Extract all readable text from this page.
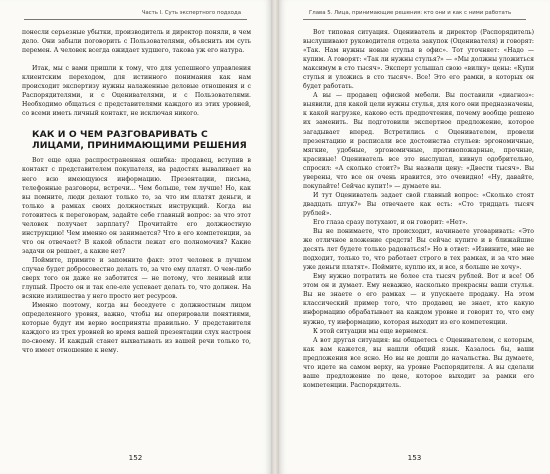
Часть I. Суть экспертного подхода

понесли серьезные убытки, производитель и директор поняли, в чем дело. Они забыли поговорить с Пользователями, объяснить им суть перемен. А человек всегда ожидает худшего, такова уж его натура.

Итак, мы с вами пришли к тому, что для успешного управления клиентским переходом, для истинного понимания как нам происходит экспертизу нужны налаженные деловые отношения и с Распорядителями, и с Оценивателями, и с Пользователями. Необходимо общаться с представителями каждого из этих уровней, со всеми иметь личный контакт, не исключая никого.

КАК И О ЧЕМ РАЗГОВАРИВАТЬ С ЛИЦАМИ, ПРИНИМАЮЩИМИ РЕШЕНИЯ

Вот еще одна распространенная ошибка: продавец, вступив в контакт с представителем покупателя, на радостях вываливает на него всю имеющуюся информацию. Презентации, письма, телефонные разговоры, встречи... Чем больше, тем лучше! Но, как вы помните, люди делают только то, за что им платят деньги, и только в рамках своих должностных инструкций. Когда вы готовитесь к переговорам, задайте себе главный вопрос: за что этот человек получает зарплату? Прочитайте его должностную инструкцию! Чем именно он занимается? Что в его компетенции, за что он отвечает? В какой области лежат его полномочия? Какие задачи он решает, а какие нет?

Поймите, примите и запомните факт: этот человек в лучшем случае будет добросовестно делать то, за что ему платят. О чем-либо сверх того он даже не заботится — не потому, что ленивый или глупый. Просто он и так еле-еле успевает делать то, что должен. На всякие излишества у него просто нет ресурсов.

Именно поэтому, когда вы беседуете с должностным лицом определенного уровня, важно, чтобы вы оперировали понятиями, которые будут им верно восприняты правильно. У представителя каждого из трех уровней во время вашей презентации слух настроен по-своему. И каждый станет выхватывать из вашей речи только то, что имеет отношение к нему.

152
Глава 5. Лица, принимающие решения: кто они и как с ними работать

Вот типовая ситуация. Оцениватель и директор (Распорядитель) выслушивают руководителя отдела закупок (Оценивателя) и говорят: «Так. Нам нужны новые стулья в офис». Тот уточняет: «Надо — купим. А говорят: «Так ли нужны стулья?» — «Мы должны уложиться максимум в сто тысяч». Эксперт услышал свою «вилку» цены: «Купи стулья и уложись в сто тысяч». Все! Это его рамки, в которых он будет работать.

А вы — продавец офисной мебели. Вы поставили «диагноз»: выявили, для какой цели нужны стулья, для кого они предназначены, к какой нагрузке, каково есть предпочтения, почему вообще решено их заменить. Вы подготовили экспертное предложение, которое загадывает вперед. Встретились с Оценивателем, провели презентацию и расписали все достоинства стульев: эргономичные, мягкие, удобные, эргономичные, противопожарные, прочные, красивые! Оцениватель все это выслушал, кивнул одобрительно, спросил: «А сколько стоит?» Вы назвали цену: «Двести тысяч». Вы уверены, что все он очень нравится, это очевидно! «Ну, давайте, покупайте! Сейчас купит!» — думаете вы.

И тут Оцениватель задает свой главный вопрос: «Сколько стоят двадцать штук?» Вы отвечаете как есть: «Сто тридцать тысяч рублей».

Его глаза сразу потухают, и он говорит: «Нет».

Вы не понимаете, что происходит, начинаете уговаривать: «Это же отличное вложение средств! Вы сейчас купите и в ближайшие десять лет будете только радоваться!» Но в ответ: «Извините, мне не подходит, только то, что работает строго в тех рамках, и за что мне уже деньги платят». Поймите, куплю их, и все, я больше не хочу».

Ему нужно потратить не более ста тысяч рублей. Вот и все! Об этом он и думает. Ему неважно, насколько прекрасны ваши стулья. Вы не знаете о его рамках — и упускаете продажу. На этом классический пример того, что продавец не знает, кто какую информацию обрабатывает на каждом уровне и говорит то, что ему нужно, ту информацию, которая выходит из его компетенции.

К этой ситуации мы еще вернемся.

А вот другая ситуация: вы общаетесь с Оценивателем, с которым, как вам кажется, вы нашли общий язык. Казалось бы, ваши предложения все ясно. Но вы не дошли до начальства. Вы думаете, что идете на самом верху, на уровне Распорядителя. А вы сделали ваше предложение по цене, которое выходит за рамки его компетенции. Распорядитель.

153
